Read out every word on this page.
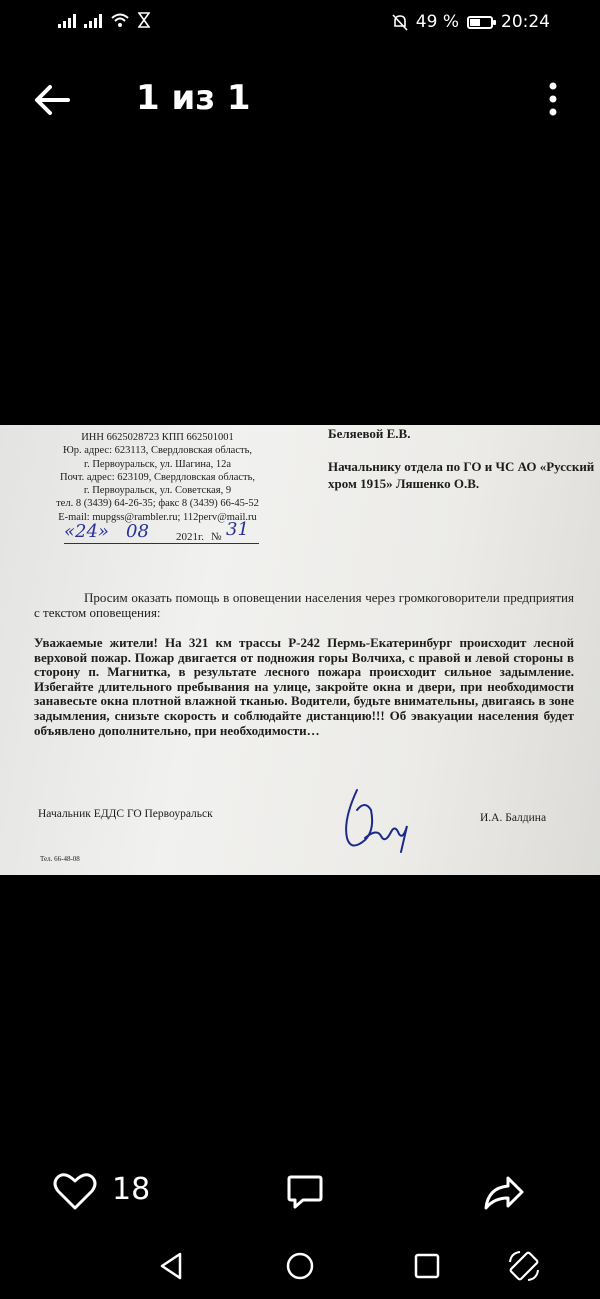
49 % 20:24
1 из 1
ИНН 6625028723 КПП 662501001
Юр. адрес: 623113, Свердловская область,
г. Первоуральск, ул. Шагина, 12а
Почт. адрес: 623109, Свердловская область,
г. Первоуральск, ул. Советская, 9
тел. 8 (3439) 64-26-35; факс 8 (3439) 66-45-52
E-mail: mupgss@rambler.ru; 112perv@mail.ru
Беляевой Е.В.
Начальнику отдела по ГО и ЧС АО «Русский
хром 1915» Ляшенко О.В.
«24» 08 2021г. № 31
Просим оказать помощь в оповещении населения через громкоговорители предприятия с текстом оповещения:
Уважаемые жители! На 321 км трассы Р-242 Пермь-Екатеринбург происходит лесной верховой пожар. Пожар двигается от подножия горы Волчиха, с правой и левой стороны в сторону п. Магнитка, в результате лесного пожара происходит сильное задымление. Избегайте длительного пребывания на улице, закройте окна и двери, при необходимости занавесьте окна плотной влажной тканью. Водители, будьте внимательны, двигаясь в зоне задымления, снизьте скорость и соблюдайте дистанцию!!! Об эвакуации населения будет объявлено дополнительно, при необходимости…
Начальник ЕДДС ГО Первоуральск	И.А. Балдина
Тел. 66-48-08
18
